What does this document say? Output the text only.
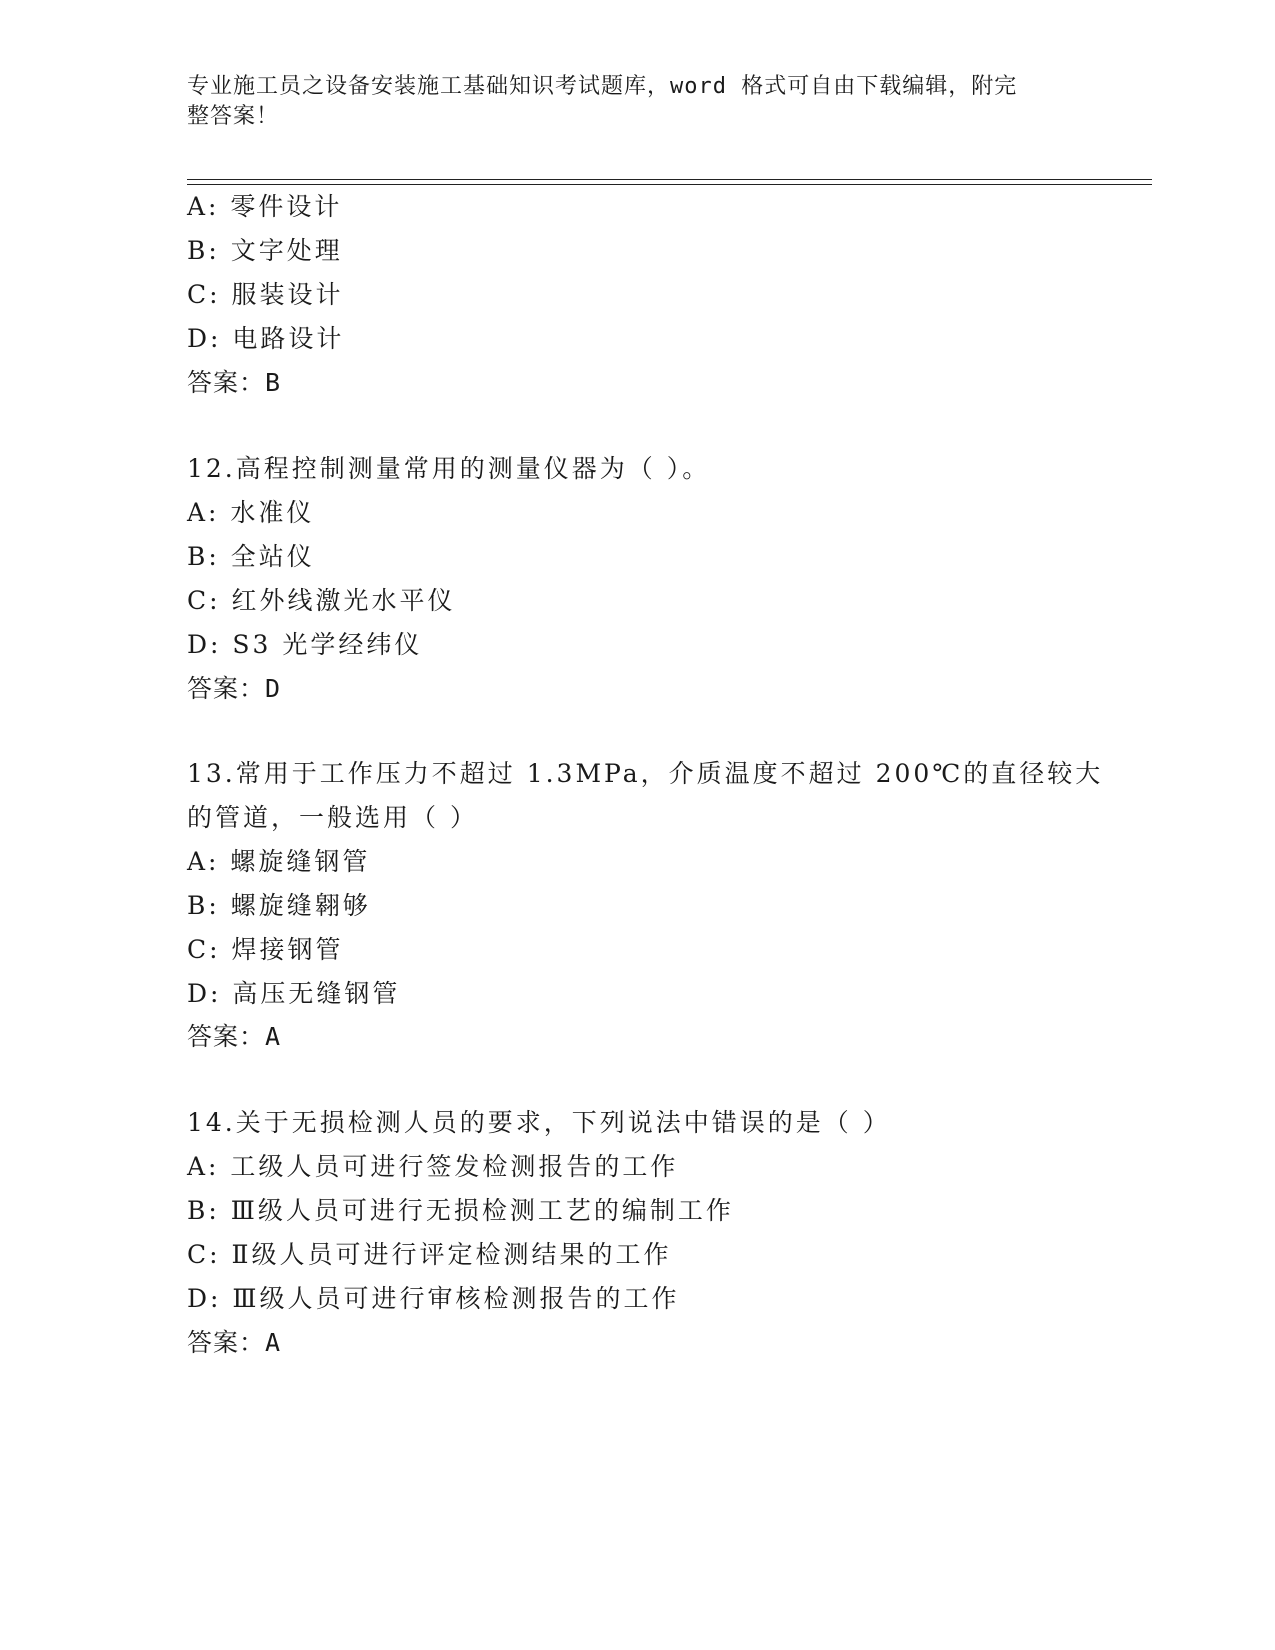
专业施工员之设备安装施工基础知识考试题库，word 格式可自由下载编辑，附完
整答案！
A: 零件设计
B: 文字处理
C: 服装设计
D: 电路设计
答案：B
12.高程控制测量常用的测量仪器为（ ）。
A: 水准仪
B: 全站仪
C: 红外线激光水平仪
D: S3 光学经纬仪
答案：D
13.常用于工作压力不超过 1.3MPa，介质温度不超过 200℃的直径较大
的管道，一般选用（ ）
A: 螺旋缝钢管
B: 螺旋缝翱够
C: 焊接钢管
D: 高压无缝钢管
答案：A
14.关于无损检测人员的要求，下列说法中错误的是（ ）
A: 工级人员可进行签发检测报告的工作
B: Ⅲ级人员可进行无损检测工艺的编制工作
C: Ⅱ级人员可进行评定检测结果的工作
D: Ⅲ级人员可进行审核检测报告的工作
答案：A
